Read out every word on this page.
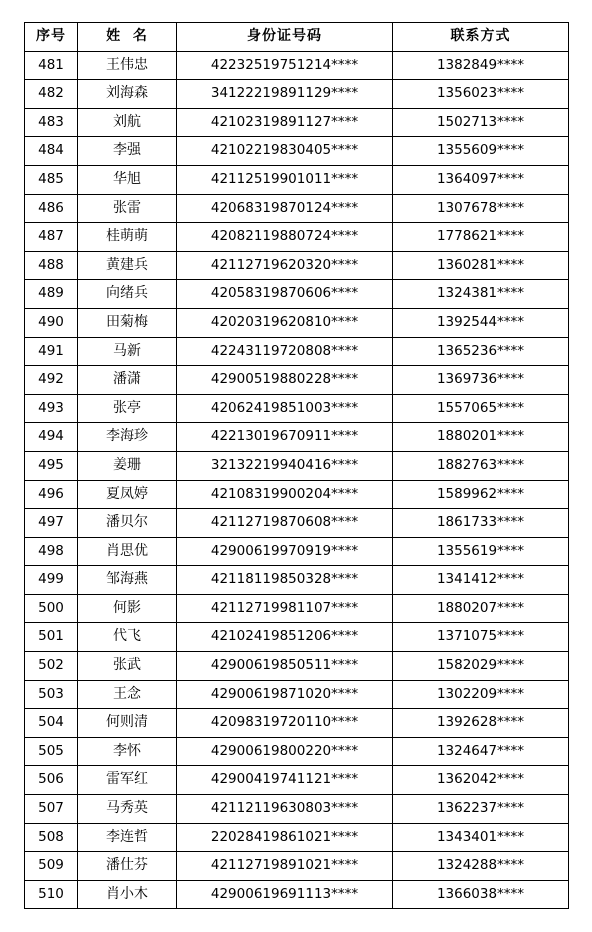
序号	姓  名	身份证号码	联系方式
481	王伟忠	42232519751214****	1382849****
482	刘海森	34122219891129****	1356023****
483	刘航	42102319891127****	1502713****
484	李强	42102219830405****	1355609****
485	华旭	42112519901011****	1364097****
486	张雷	42068319870124****	1307678****
487	桂萌萌	42082119880724****	1778621****
488	黄建兵	42112719620320****	1360281****
489	向绪兵	42058319870606****	1324381****
490	田菊梅	42020319620810****	1392544****
491	马新	42243119720808****	1365236****
492	潘潇	42900519880228****	1369736****
493	张亭	42062419851003****	1557065****
494	李海珍	42213019670911****	1880201****
495	姜珊	32132219940416****	1882763****
496	夏凤婷	42108319900204****	1589962****
497	潘贝尔	42112719870608****	1861733****
498	肖思优	42900619970919****	1355619****
499	邹海燕	42118119850328****	1341412****
500	何影	42112719981107****	1880207****
501	代飞	42102419851206****	1371075****
502	张武	42900619850511****	1582029****
503	王念	42900619871020****	1302209****
504	何则清	42098319720110****	1392628****
505	李怀	42900619800220****	1324647****
506	雷军红	42900419741121****	1362042****
507	马秀英	42112119630803****	1362237****
508	李连哲	22028419861021****	1343401****
509	潘仕芬	42112719891021****	1324288****
510	肖小木	42900619691113****	1366038****
